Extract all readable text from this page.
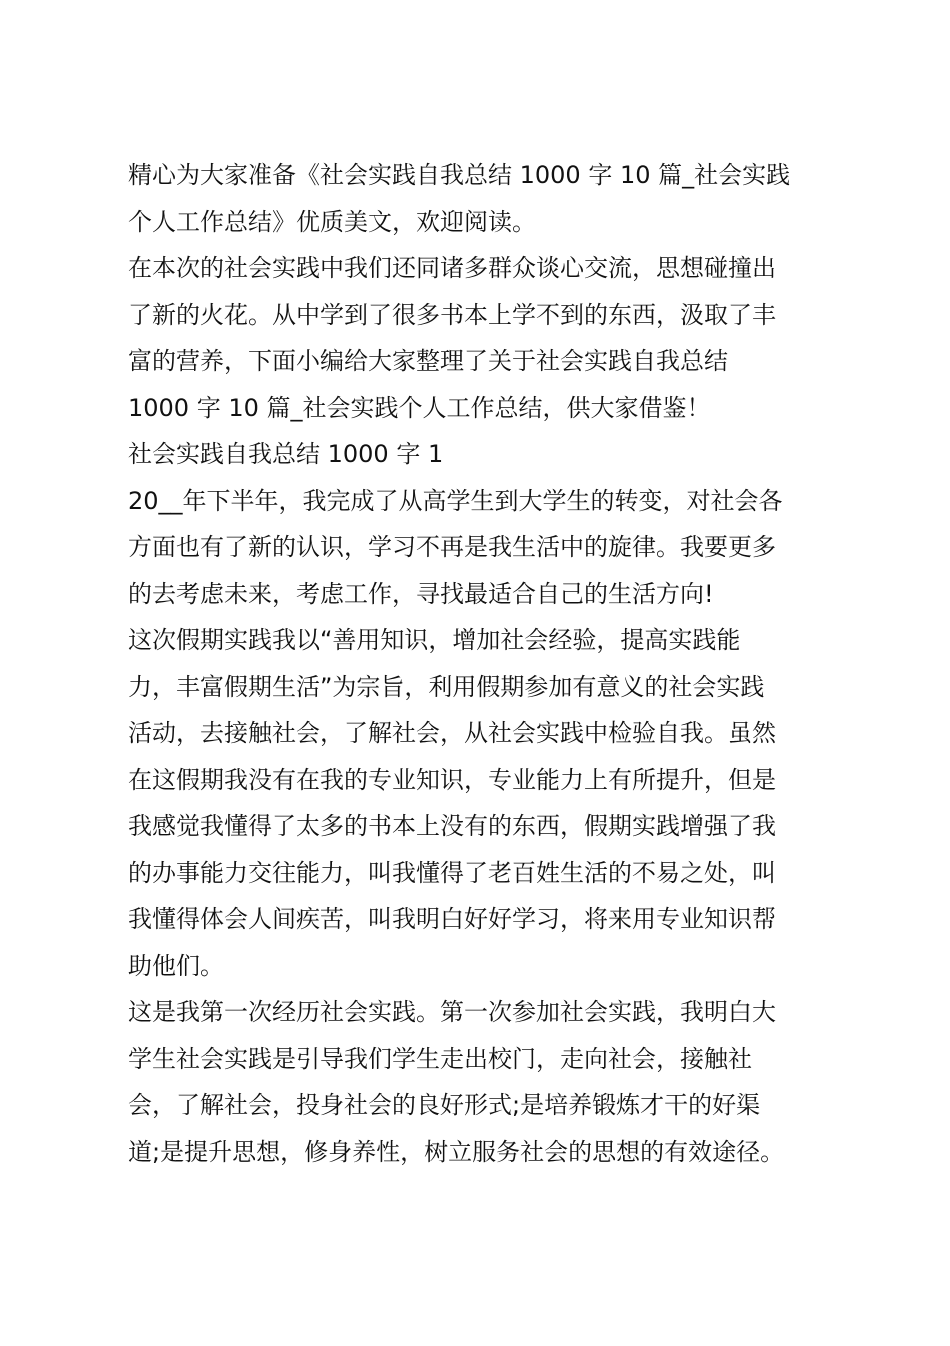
精心为大家准备《社会实践自我总结 1000 字 10 篇_社会实践
个人工作总结》优质美文，欢迎阅读。
在本次的社会实践中我们还同诸多群众谈心交流，思想碰撞出
了新的火花。从中学到了很多书本上学不到的东西，汲取了丰
富的营养，下面小编给大家整理了关于社会实践自我总结
1000 字 10 篇_社会实践个人工作总结，供大家借鉴！
社会实践自我总结 1000 字 1
20__年下半年，我完成了从高学生到大学生的转变，对社会各
方面也有了新的认识，学习不再是我生活中的旋律。我要更多
的去考虑未来，考虑工作，寻找最适合自己的生活方向!
这次假期实践我以“善用知识，增加社会经验，提高实践能
力，丰富假期生活”为宗旨，利用假期参加有意义的社会实践
活动，去接触社会，了解社会，从社会实践中检验自我。虽然
在这假期我没有在我的专业知识，专业能力上有所提升，但是
我感觉我懂得了太多的书本上没有的东西，假期实践增强了我
的办事能力交往能力，叫我懂得了老百姓生活的不易之处，叫
我懂得体会人间疾苦，叫我明白好好学习，将来用专业知识帮
助他们。
这是我第一次经历社会实践。第一次参加社会实践，我明白大
学生社会实践是引导我们学生走出校门，走向社会，接触社
会，了解社会，投身社会的良好形式;是培养锻炼才干的好渠
道;是提升思想，修身养性，树立服务社会的思想的有效途径。
